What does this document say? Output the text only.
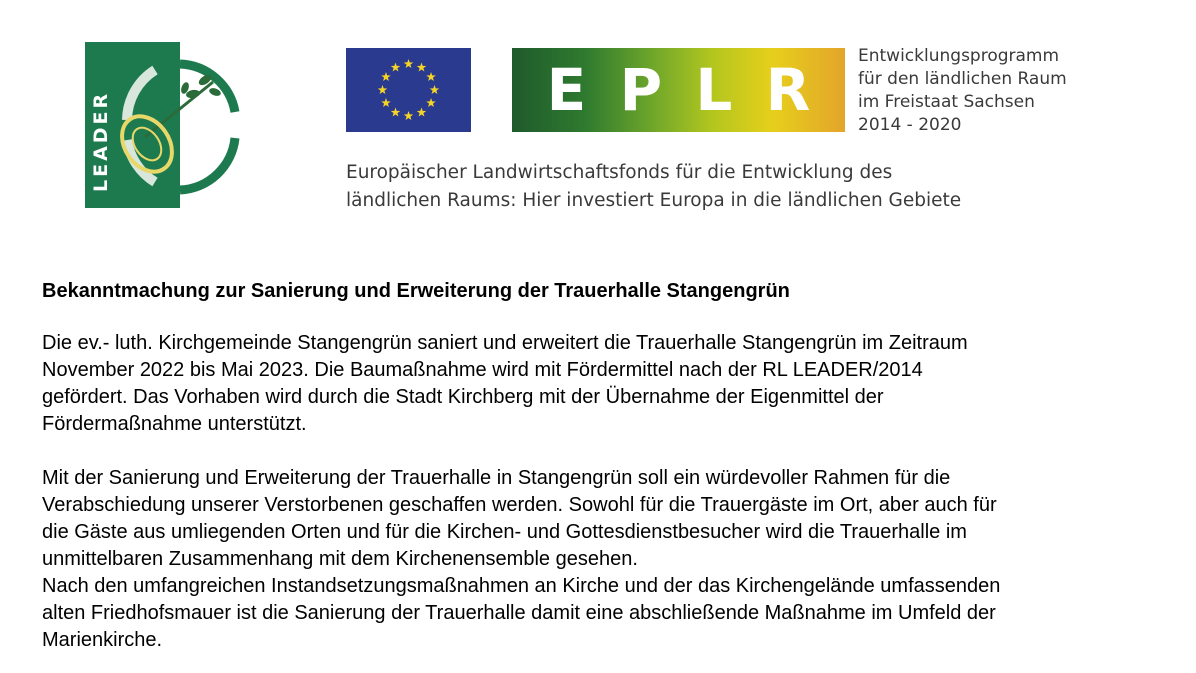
LEADER
E P L R	Entwicklungsprogramm
für den ländlichen Raum
im Freistaat Sachsen
2014 - 2020
Europäischer Landwirtschaftsfonds für die Entwicklung des
ländlichen Raums: Hier investiert Europa in die ländlichen Gebiete
Bekanntmachung zur Sanierung und Erweiterung der Trauerhalle Stangengrün
Die ev.- luth. Kirchgemeinde Stangengrün saniert und erweitert die Trauerhalle Stangengrün im Zeitraum
November 2022 bis Mai 2023. Die Baumaßnahme wird mit Fördermittel nach der RL LEADER/2014
gefördert. Das Vorhaben wird durch die Stadt Kirchberg mit der Übernahme der Eigenmittel der
Fördermaßnahme unterstützt.
Mit der Sanierung und Erweiterung der Trauerhalle in Stangengrün soll ein würdevoller Rahmen für die
Verabschiedung unserer Verstorbenen geschaffen werden. Sowohl für die Trauergäste im Ort, aber auch für
die Gäste aus umliegenden Orten und für die Kirchen- und Gottesdienstbesucher wird die Trauerhalle im
unmittelbaren Zusammenhang mit dem Kirchenensemble gesehen.
Nach den umfangreichen Instandsetzungsmaßnahmen an Kirche und der das Kirchengelände umfassenden
alten Friedhofsmauer ist die Sanierung der Trauerhalle damit eine abschließende Maßnahme im Umfeld der
Marienkirche.
